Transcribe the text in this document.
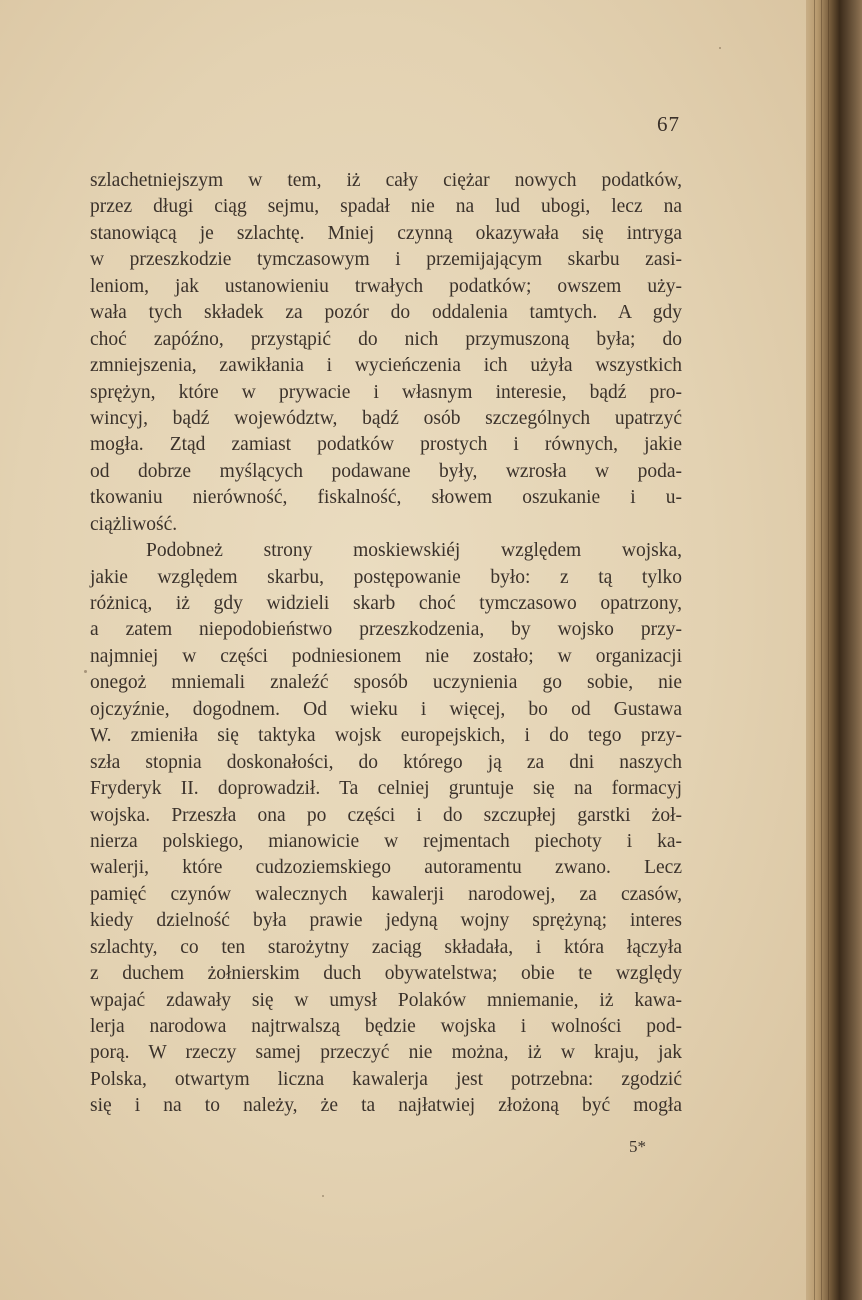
67
szlachetniejszym w tem, iż cały ciężar nowych podatków,
przez długi ciąg sejmu, spadał nie na lud ubogi, lecz na
stanowiącą je szlachtę. Mniej czynną okazywała się intryga
w przeszkodzie tymczasowym i przemijającym skarbu zasi-
leniom, jak ustanowieniu trwałych podatków; owszem uży-
wała tych składek za pozór do oddalenia tamtych. A gdy
choć zapóźno, przystąpić do nich przymuszoną była; do
zmniejszenia, zawikłania i wycieńczenia ich użyła wszystkich
sprężyn, które w prywacie i własnym interesie, bądź pro-
wincyj, bądź województw, bądź osób szczególnych upatrzyć
mogła. Ztąd zamiast podatków prostych i równych, jakie
od dobrze myślących podawane były, wzrosła w poda-
tkowaniu nierówność, fiskalność, słowem oszukanie i u-
ciążliwość.
Podobneż strony moskiewskiéj względem wojska,
jakie względem skarbu, postępowanie było: z tą tylko
różnicą, iż gdy widzieli skarb choć tymczasowo opatrzony,
a zatem niepodobieństwo przeszkodzenia, by wojsko przy-
najmniej w części podniesionem nie zostało; w organizacji
onegoż mniemali znaleźć sposób uczynienia go sobie, nie
ojczyźnie, dogodnem. Od wieku i więcej, bo od Gustawa
W. zmieniła się taktyka wojsk europejskich, i do tego przy-
szła stopnia doskonałości, do którego ją za dni naszych
Fryderyk II. doprowadził. Ta celniej gruntuje się na formacyj
wojska. Przeszła ona po części i do szczupłej garstki żoł-
nierza polskiego, mianowicie w rejmentach piechoty i ka-
walerji, które cudzoziemskiego autoramentu zwano. Lecz
pamięć czynów walecznych kawalerji narodowej, za czasów,
kiedy dzielność była prawie jedyną wojny sprężyną; interes
szlachty, co ten starożytny zaciąg składała, i która łączyła
z duchem żołnierskim duch obywatelstwa; obie te względy
wpajać zdawały się w umysł Polaków mniemanie, iż kawa-
lerja narodowa najtrwalszą będzie wojska i wolności pod-
porą. W rzeczy samej przeczyć nie można, iż w kraju, jak
Polska, otwartym liczna kawalerja jest potrzebna: zgodzić
się i na to należy, że ta najłatwiej złożoną być mogła
5*
